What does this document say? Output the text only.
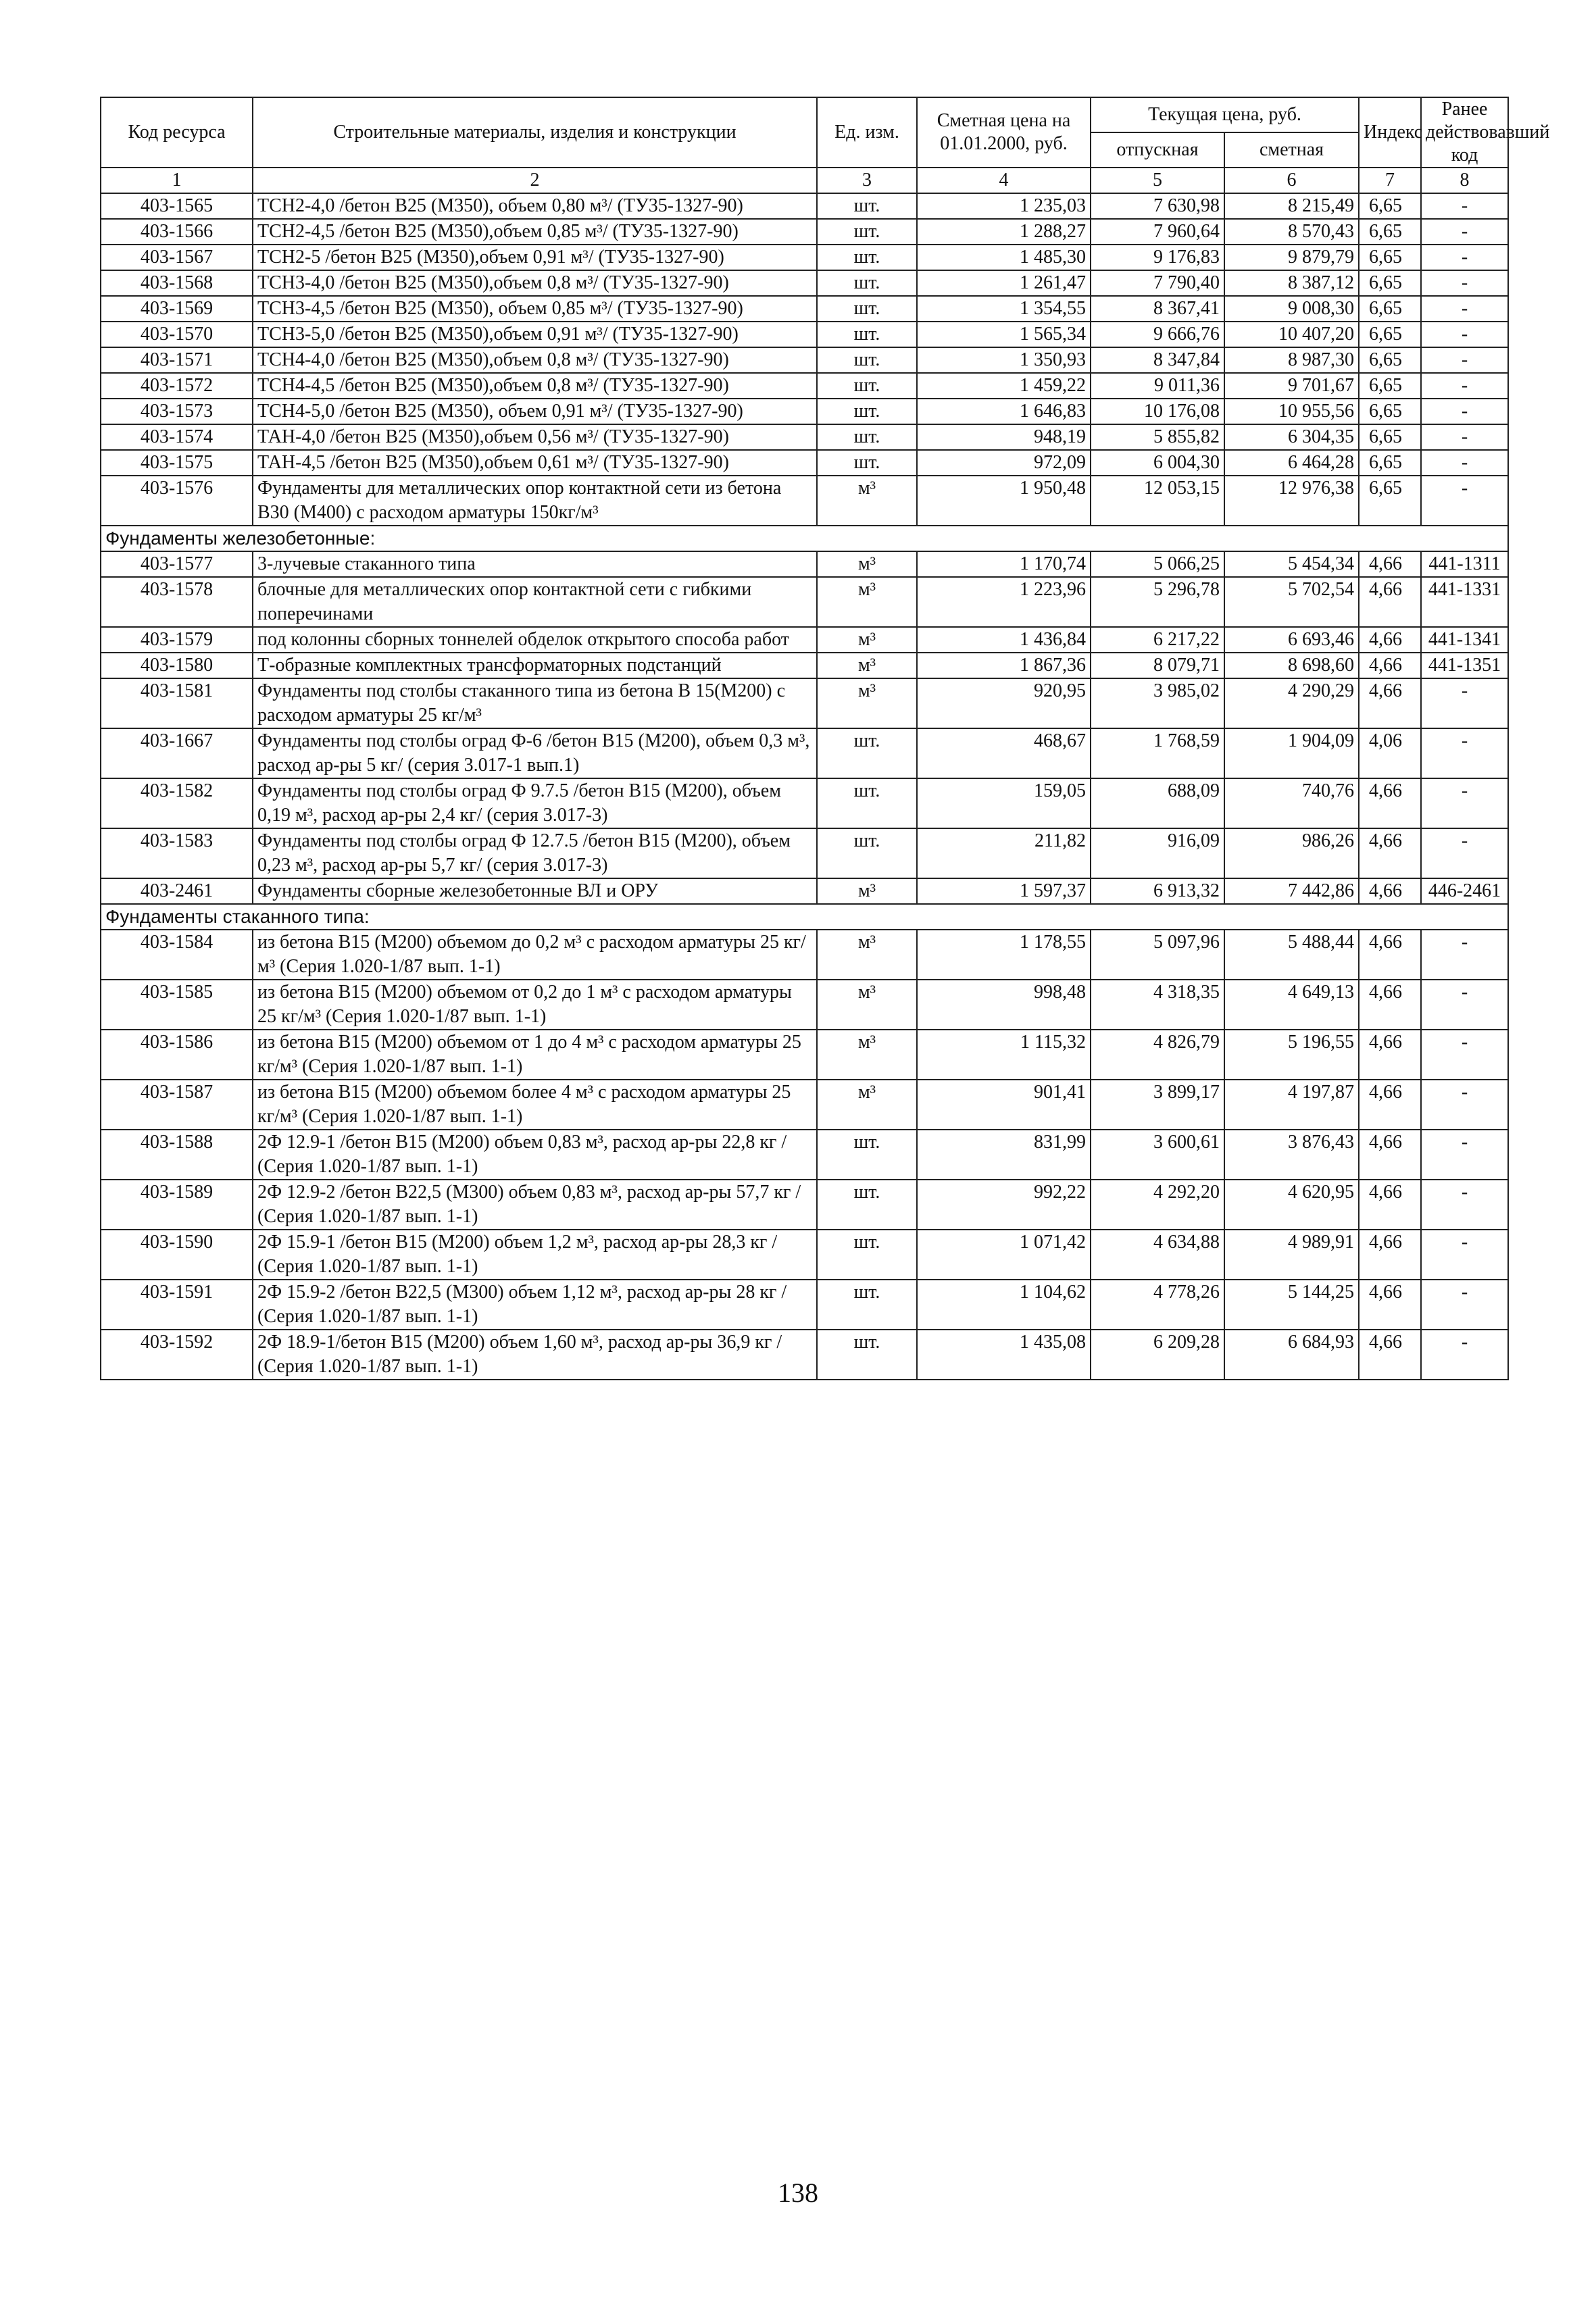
Код ресурса	Строительные материалы, изделия и конструкции	Ед. изм.	Сметная цена на 01.01.2000, руб.	Текущая цена, руб.		Индекс	Ранее действовавший код
				отпускная	сметная		
1	2	3	4	5	6	7	8
403-1565	ТСН2-4,0 /бетон В25 (М350), объем 0,80 м³/ (ТУ35-1327-90)	шт.	1 235,03	7 630,98	8 215,49	6,65	-
403-1566	ТСН2-4,5 /бетон В25 (М350),объем 0,85 м³/ (ТУ35-1327-90)	шт.	1 288,27	7 960,64	8 570,43	6,65	-
403-1567	ТСН2-5 /бетон В25 (М350),объем 0,91 м³/ (ТУ35-1327-90)	шт.	1 485,30	9 176,83	9 879,79	6,65	-
403-1568	ТСН3-4,0 /бетон В25 (М350),объем 0,8 м³/ (ТУ35-1327-90)	шт.	1 261,47	7 790,40	8 387,12	6,65	-
403-1569	ТСН3-4,5 /бетон В25 (М350), объем 0,85 м³/ (ТУ35-1327-90)	шт.	1 354,55	8 367,41	9 008,30	6,65	-
403-1570	ТСН3-5,0 /бетон В25 (М350),объем 0,91 м³/ (ТУ35-1327-90)	шт.	1 565,34	9 666,76	10 407,20	6,65	-
403-1571	ТСН4-4,0 /бетон В25 (М350),объем 0,8 м³/ (ТУ35-1327-90)	шт.	1 350,93	8 347,84	8 987,30	6,65	-
403-1572	ТСН4-4,5 /бетон В25 (М350),объем 0,8 м³/ (ТУ35-1327-90)	шт.	1 459,22	9 011,36	9 701,67	6,65	-
403-1573	ТСН4-5,0 /бетон В25 (М350), объем 0,91 м³/ (ТУ35-1327-90)	шт.	1 646,83	10 176,08	10 955,56	6,65	-
403-1574	ТАН-4,0 /бетон В25 (М350),объем 0,56 м³/ (ТУ35-1327-90)	шт.	948,19	5 855,82	6 304,35	6,65	-
403-1575	ТАН-4,5 /бетон В25 (М350),объем 0,61 м³/ (ТУ35-1327-90)	шт.	972,09	6 004,30	6 464,28	6,65	-
403-1576	Фундаменты для металлических опор контактной сети из бетона В30 (М400) с расходом арматуры 150кг/м³	м³	1 950,48	12 053,15	12 976,38	6,65	-
Фундаменты железобетонные:							
403-1577	3-лучевые стаканного типа	м³	1 170,74	5 066,25	5 454,34	4,66	441-1311
403-1578	блочные для металлических опор контактной сети с гибкими поперечинами	м³	1 223,96	5 296,78	5 702,54	4,66	441-1331
403-1579	под колонны сборных тоннелей обделок открытого способа работ	м³	1 436,84	6 217,22	6 693,46	4,66	441-1341
403-1580	Т-образные комплектных трансформаторных подстанций	м³	1 867,36	8 079,71	8 698,60	4,66	441-1351
403-1581	Фундаменты под столбы стаканного типа из бетона В 15(М200) с расходом арматуры 25 кг/м³	м³	920,95	3 985,02	4 290,29	4,66	-
403-1667	Фундаменты под столбы оград Ф-6 /бетон В15 (М200), объем 0,3 м³, расход ар-ры 5 кг/ (серия 3.017-1 вып.1)	шт.	468,67	1 768,59	1 904,09	4,06	-
403-1582	Фундаменты под столбы оград Ф 9.7.5 /бетон В15 (М200), объем 0,19 м³, расход ар-ры 2,4 кг/ (серия 3.017-3)	шт.	159,05	688,09	740,76	4,66	-
403-1583	Фундаменты под столбы оград Ф 12.7.5 /бетон В15 (М200), объем 0,23 м³, расход ар-ры 5,7 кг/ (серия 3.017-3)	шт.	211,82	916,09	986,26	4,66	-
403-2461	Фундаменты сборные железобетонные ВЛ и ОРУ	м³	1 597,37	6 913,32	7 442,86	4,66	446-2461
Фундаменты стаканного типа:							
403-1584	из бетона В15 (М200) объемом до 0,2 м³ с расходом арматуры 25 кг/м³ (Серия 1.020-1/87 вып. 1-1)	м³	1 178,55	5 097,96	5 488,44	4,66	-
403-1585	из бетона В15 (М200) объемом от 0,2 до 1 м³ с расходом арматуры 25 кг/м³ (Серия 1.020-1/87 вып. 1-1)	м³	998,48	4 318,35	4 649,13	4,66	-
403-1586	из бетона В15 (М200) объемом от 1 до 4 м³ с расходом арматуры 25 кг/м³ (Серия 1.020-1/87 вып. 1-1)	м³	1 115,32	4 826,79	5 196,55	4,66	-
403-1587	из бетона В15 (М200) объемом более 4 м³ с расходом арматуры 25 кг/м³ (Серия 1.020-1/87 вып. 1-1)	м³	901,41	3 899,17	4 197,87	4,66	-
403-1588	2Ф 12.9-1 /бетон В15 (М200) объем 0,83 м³, расход ар-ры 22,8 кг / (Серия 1.020-1/87 вып. 1-1)	шт.	831,99	3 600,61	3 876,43	4,66	-
403-1589	2Ф 12.9-2 /бетон В22,5 (М300) объем 0,83 м³, расход ар-ры 57,7 кг / (Серия 1.020-1/87 вып. 1-1)	шт.	992,22	4 292,20	4 620,95	4,66	-
403-1590	2Ф 15.9-1 /бетон В15 (М200) объем 1,2 м³, расход ар-ры 28,3 кг / (Серия 1.020-1/87 вып. 1-1)	шт.	1 071,42	4 634,88	4 989,91	4,66	-
403-1591	2Ф 15.9-2 /бетон В22,5 (М300) объем 1,12 м³, расход ар-ры 28 кг / (Серия 1.020-1/87 вып. 1-1)	шт.	1 104,62	4 778,26	5 144,25	4,66	-
403-1592	2Ф 18.9-1/бетон В15 (М200) объем 1,60 м³, расход ар-ры 36,9 кг / (Серия 1.020-1/87 вып. 1-1)	шт.	1 435,08	6 209,28	6 684,93	4,66	-
138
